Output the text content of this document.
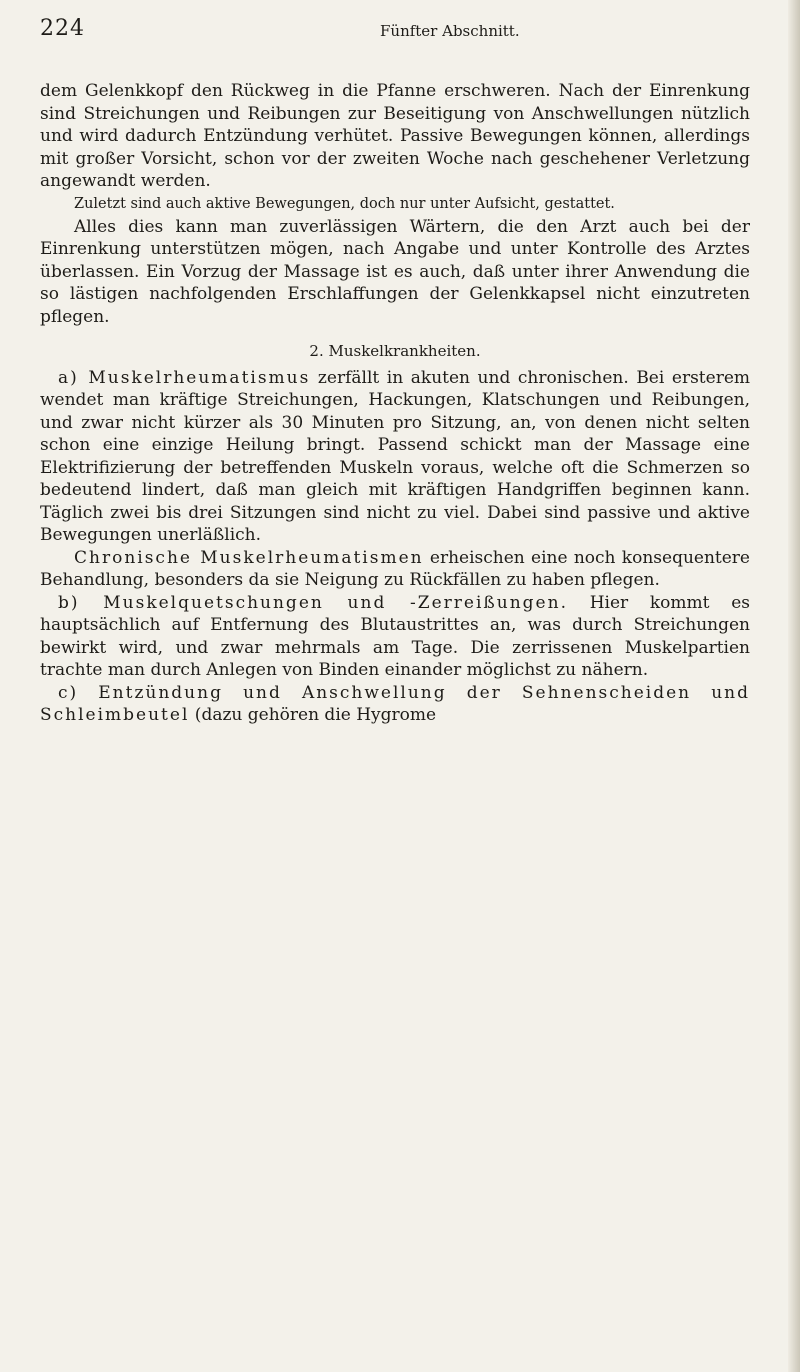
224	Fünfter Abschnitt.

dem Gelenkkopf den Rückweg in die Pfanne erschweren. Nach der Einrenkung sind Streichungen und Reibungen zur Beseitigung von Anschwellungen nützlich und wird dadurch Entzündung verhütet. Passive Bewegungen können, allerdings mit großer Vorsicht, schon vor der zweiten Woche nach geschehener Verletzung angewandt werden.

Zuletzt sind auch aktive Bewegungen, doch nur unter Aufsicht, gestattet.

Alles dies kann man zuverlässigen Wärtern, die den Arzt auch bei der Einrenkung unterstützen mögen, nach Angabe und unter Kontrolle des Arztes überlassen. Ein Vorzug der Massage ist es auch, daß unter ihrer Anwendung die so lästigen nachfolgenden Erschlaffungen der Gelenkkapsel nicht einzutreten pflegen.

2. Muskelkrankheiten.

a) Muskelrheumatismus zerfällt in akuten und chronischen. Bei ersterem wendet man kräftige Streichungen, Hackungen, Klatschungen und Reibungen, und zwar nicht kürzer als 30 Minuten pro Sitzung, an, von denen nicht selten schon eine einzige Heilung bringt. Passend schickt man der Massage eine Elektrifizierung der betreffenden Muskeln voraus, welche oft die Schmerzen so bedeutend lindert, daß man gleich mit kräftigen Handgriffen beginnen kann. Täglich zwei bis drei Sitzungen sind nicht zu viel. Dabei sind passive und aktive Bewegungen unerläßlich.

Chronische Muskelrheumatismen erheischen eine noch konsequentere Behandlung, besonders da sie Neigung zu Rückfällen zu haben pflegen.

b) Muskelquetschungen und -Zerreißungen. Hier kommt es hauptsächlich auf Entfernung des Blutaustrittes an, was durch Streichungen bewirkt wird, und zwar mehrmals am Tage. Die zerrissenen Muskelpartien trachte man durch Anlegen von Binden einander möglichst zu nähern.

c) Entzündung und Anschwellung der Sehnenscheiden und Schleimbeutel (dazu gehören die Hygrome
